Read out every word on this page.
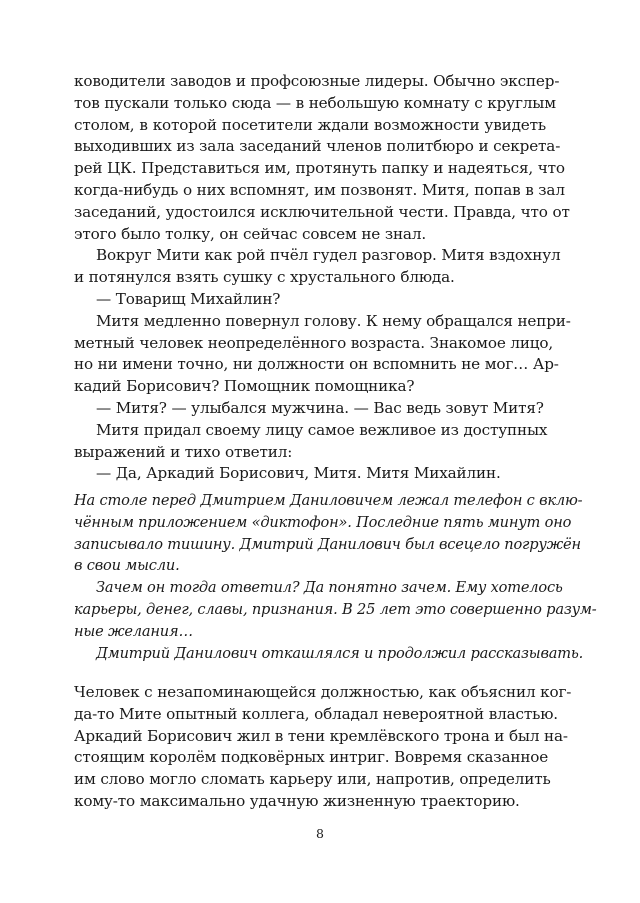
ководители заводов и профсоюзные лидеры. Обычно экспер-
тов пускали только сюда — в небольшую комнату с круглым
столом, в которой посетители ждали возможности увидеть
выходивших из зала заседаний членов политбюро и секрета-
рей ЦК. Представиться им, протянуть папку и надеяться, что
когда-нибудь о них вспомнят, им позвонят. Митя, попав в зал
заседаний, удостоился исключительной чести. Правда, что от
этого было толку, он сейчас совсем не знал.
Вокруг Мити как рой пчёл гудел разговор. Митя вздохнул
и потянулся взять сушку с хрустального блюда.
— Товарищ Михайлин?
Митя медленно повернул голову. К нему обращался непри-
метный человек неопределённого возраста. Знакомое лицо,
но ни имени точно, ни должности он вспомнить не мог… Ар-
кадий Борисович? Помощник помощника?
— Митя? — улыбался мужчина. — Вас ведь зовут Митя?
Митя придал своему лицу самое вежливое из доступных
выражений и тихо ответил:
— Да, Аркадий Борисович, Митя. Митя Михайлин.
На столе перед Дмитрием Даниловичем лежал телефон с вклю-
чённым приложением «диктофон». Последние пять минут оно
записывало тишину. Дмитрий Данилович был всецело погружён
в свои мысли.
Зачем он тогда ответил? Да понятно зачем. Ему хотелось
карьеры, денег, славы, признания. В 25 лет это совершенно разум-
ные желания…
Дмитрий Данилович откашлялся и продолжил рассказывать.
Человек с незапоминающейся должностью, как объяснил ког-
да-то Мите опытный коллега, обладал невероятной властью.
Аркадий Борисович жил в тени кремлёвского трона и был на-
стоящим королём подковёрных интриг. Вовремя сказанное
им слово могло сломать карьеру или, напротив, определить
кому-то максимально удачную жизненную траекторию.
8
